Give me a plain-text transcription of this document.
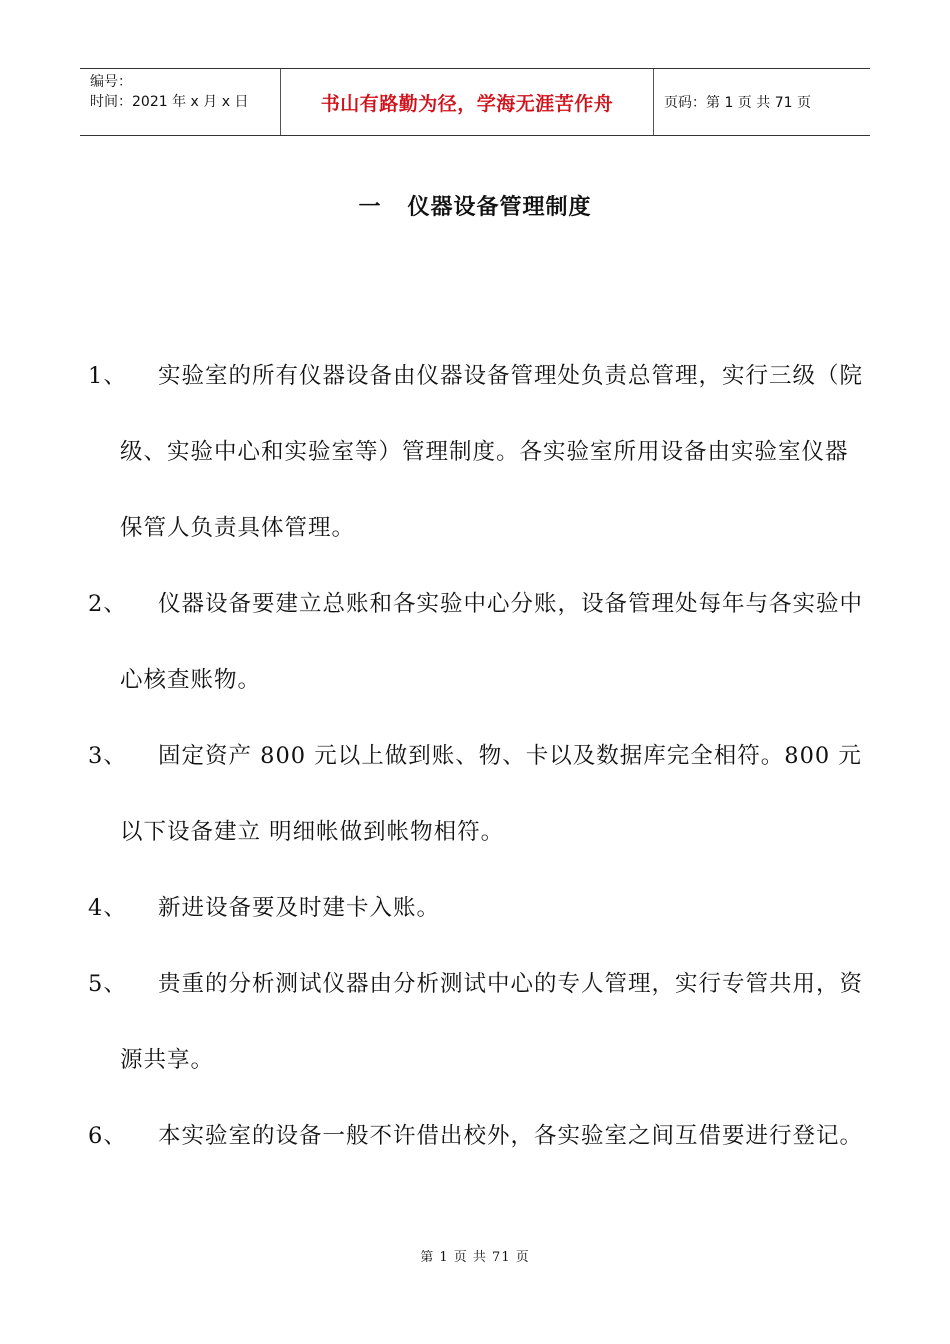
编号：
时间：2021 年 x 月 x 日	书山有路勤为径，学海无涯苦作舟	页码：第 1 页 共 71 页
一 仪器设备管理制度
1、	实验室的所有仪器设备由仪器设备管理处负责总管理，实行三级（院级、实验中心和实验室等）管理制度。各实验室所用设备由实验室仪器保管人负责具体管理。
2、	仪器设备要建立总账和各实验中心分账，设备管理处每年与各实验中心核查账物。
3、	固定资产 800 元以上做到账、物、卡以及数据库完全相符。800 元以下设备建立 明细帐做到帐物相符。
4、	新进设备要及时建卡入账。
5、	贵重的分析测试仪器由分析测试中心的专人管理，实行专管共用，资源共享。
6、	本实验室的设备一般不许借出校外，各实验室之间互借要进行登记。
第 1 页 共 71 页
